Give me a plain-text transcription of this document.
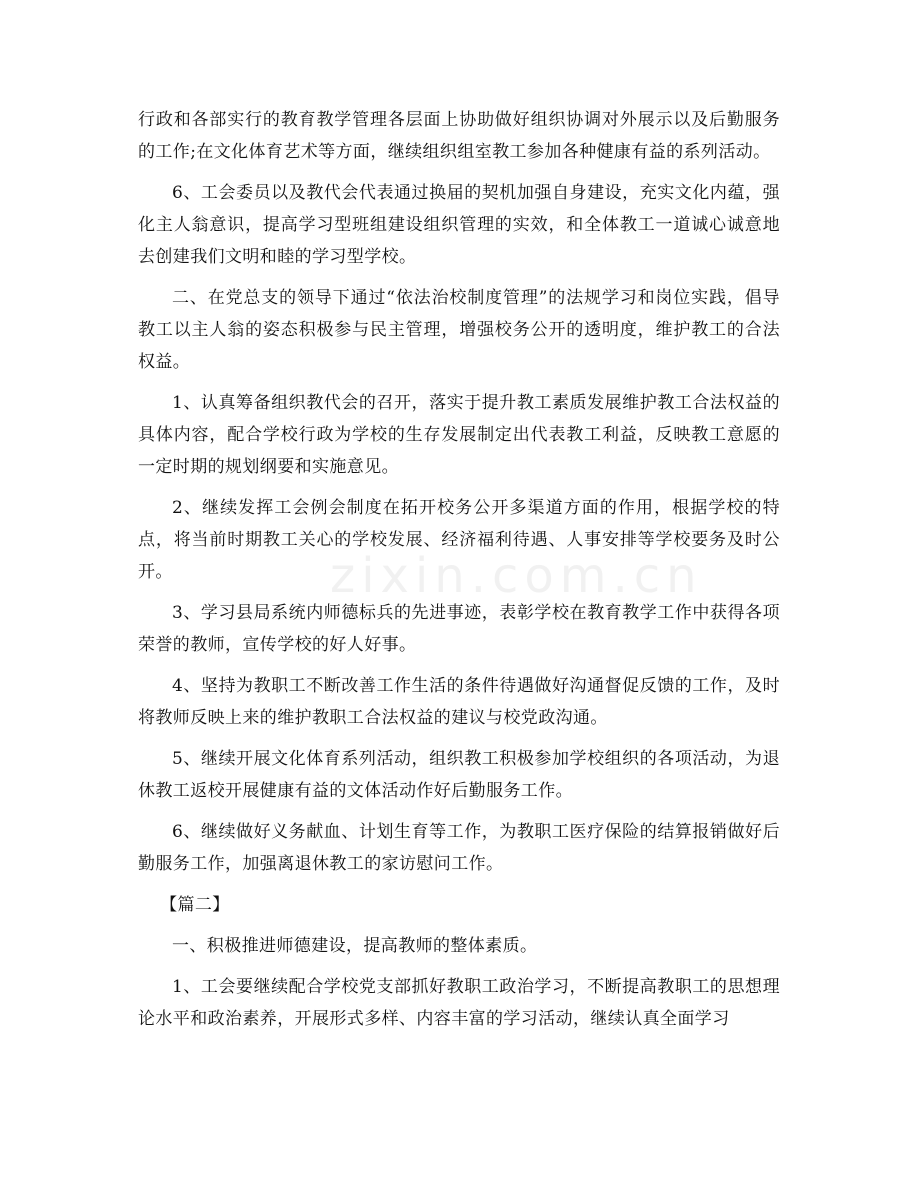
zixin.com.cn

行政和各部实行的教育教学管理各层面上协助做好组织协调对外展示以及后勤服务的工作;在文化体育艺术等方面，继续组织组室教工参加各种健康有益的系列活动。

6、工会委员以及教代会代表通过换届的契机加强自身建设，充实文化内蕴，强化主人翁意识，提高学习型班组建设组织管理的实效，和全体教工一道诚心诚意地去创建我们文明和睦的学习型学校。

二、在党总支的领导下通过“依法治校制度管理”的法规学习和岗位实践，倡导教工以主人翁的姿态积极参与民主管理，增强校务公开的透明度，维护教工的合法权益。

1、认真筹备组织教代会的召开，落实于提升教工素质发展维护教工合法权益的具体内容，配合学校行政为学校的生存发展制定出代表教工利益，反映教工意愿的一定时期的规划纲要和实施意见。

2、继续发挥工会例会制度在拓开校务公开多渠道方面的作用，根据学校的特点，将当前时期教工关心的学校发展、经济福利待遇、人事安排等学校要务及时公开。

3、学习县局系统内师德标兵的先进事迹，表彰学校在教育教学工作中获得各项荣誉的教师，宣传学校的好人好事。

4、坚持为教职工不断改善工作生活的条件待遇做好沟通督促反馈的工作，及时将教师反映上来的维护教职工合法权益的建议与校党政沟通。

5、继续开展文化体育系列活动，组织教工积极参加学校组织的各项活动，为退休教工返校开展健康有益的文体活动作好后勤服务工作。

6、继续做好义务献血、计划生育等工作，为教职工医疗保险的结算报销做好后勤服务工作，加强离退休教工的家访慰问工作。

【篇二】

一、积极推进师德建设，提高教师的整体素质。

1、工会要继续配合学校党支部抓好教职工政治学习，不断提高教职工的思想理论水平和政治素养，开展形式多样、内容丰富的学习活动，继续认真全面学习
